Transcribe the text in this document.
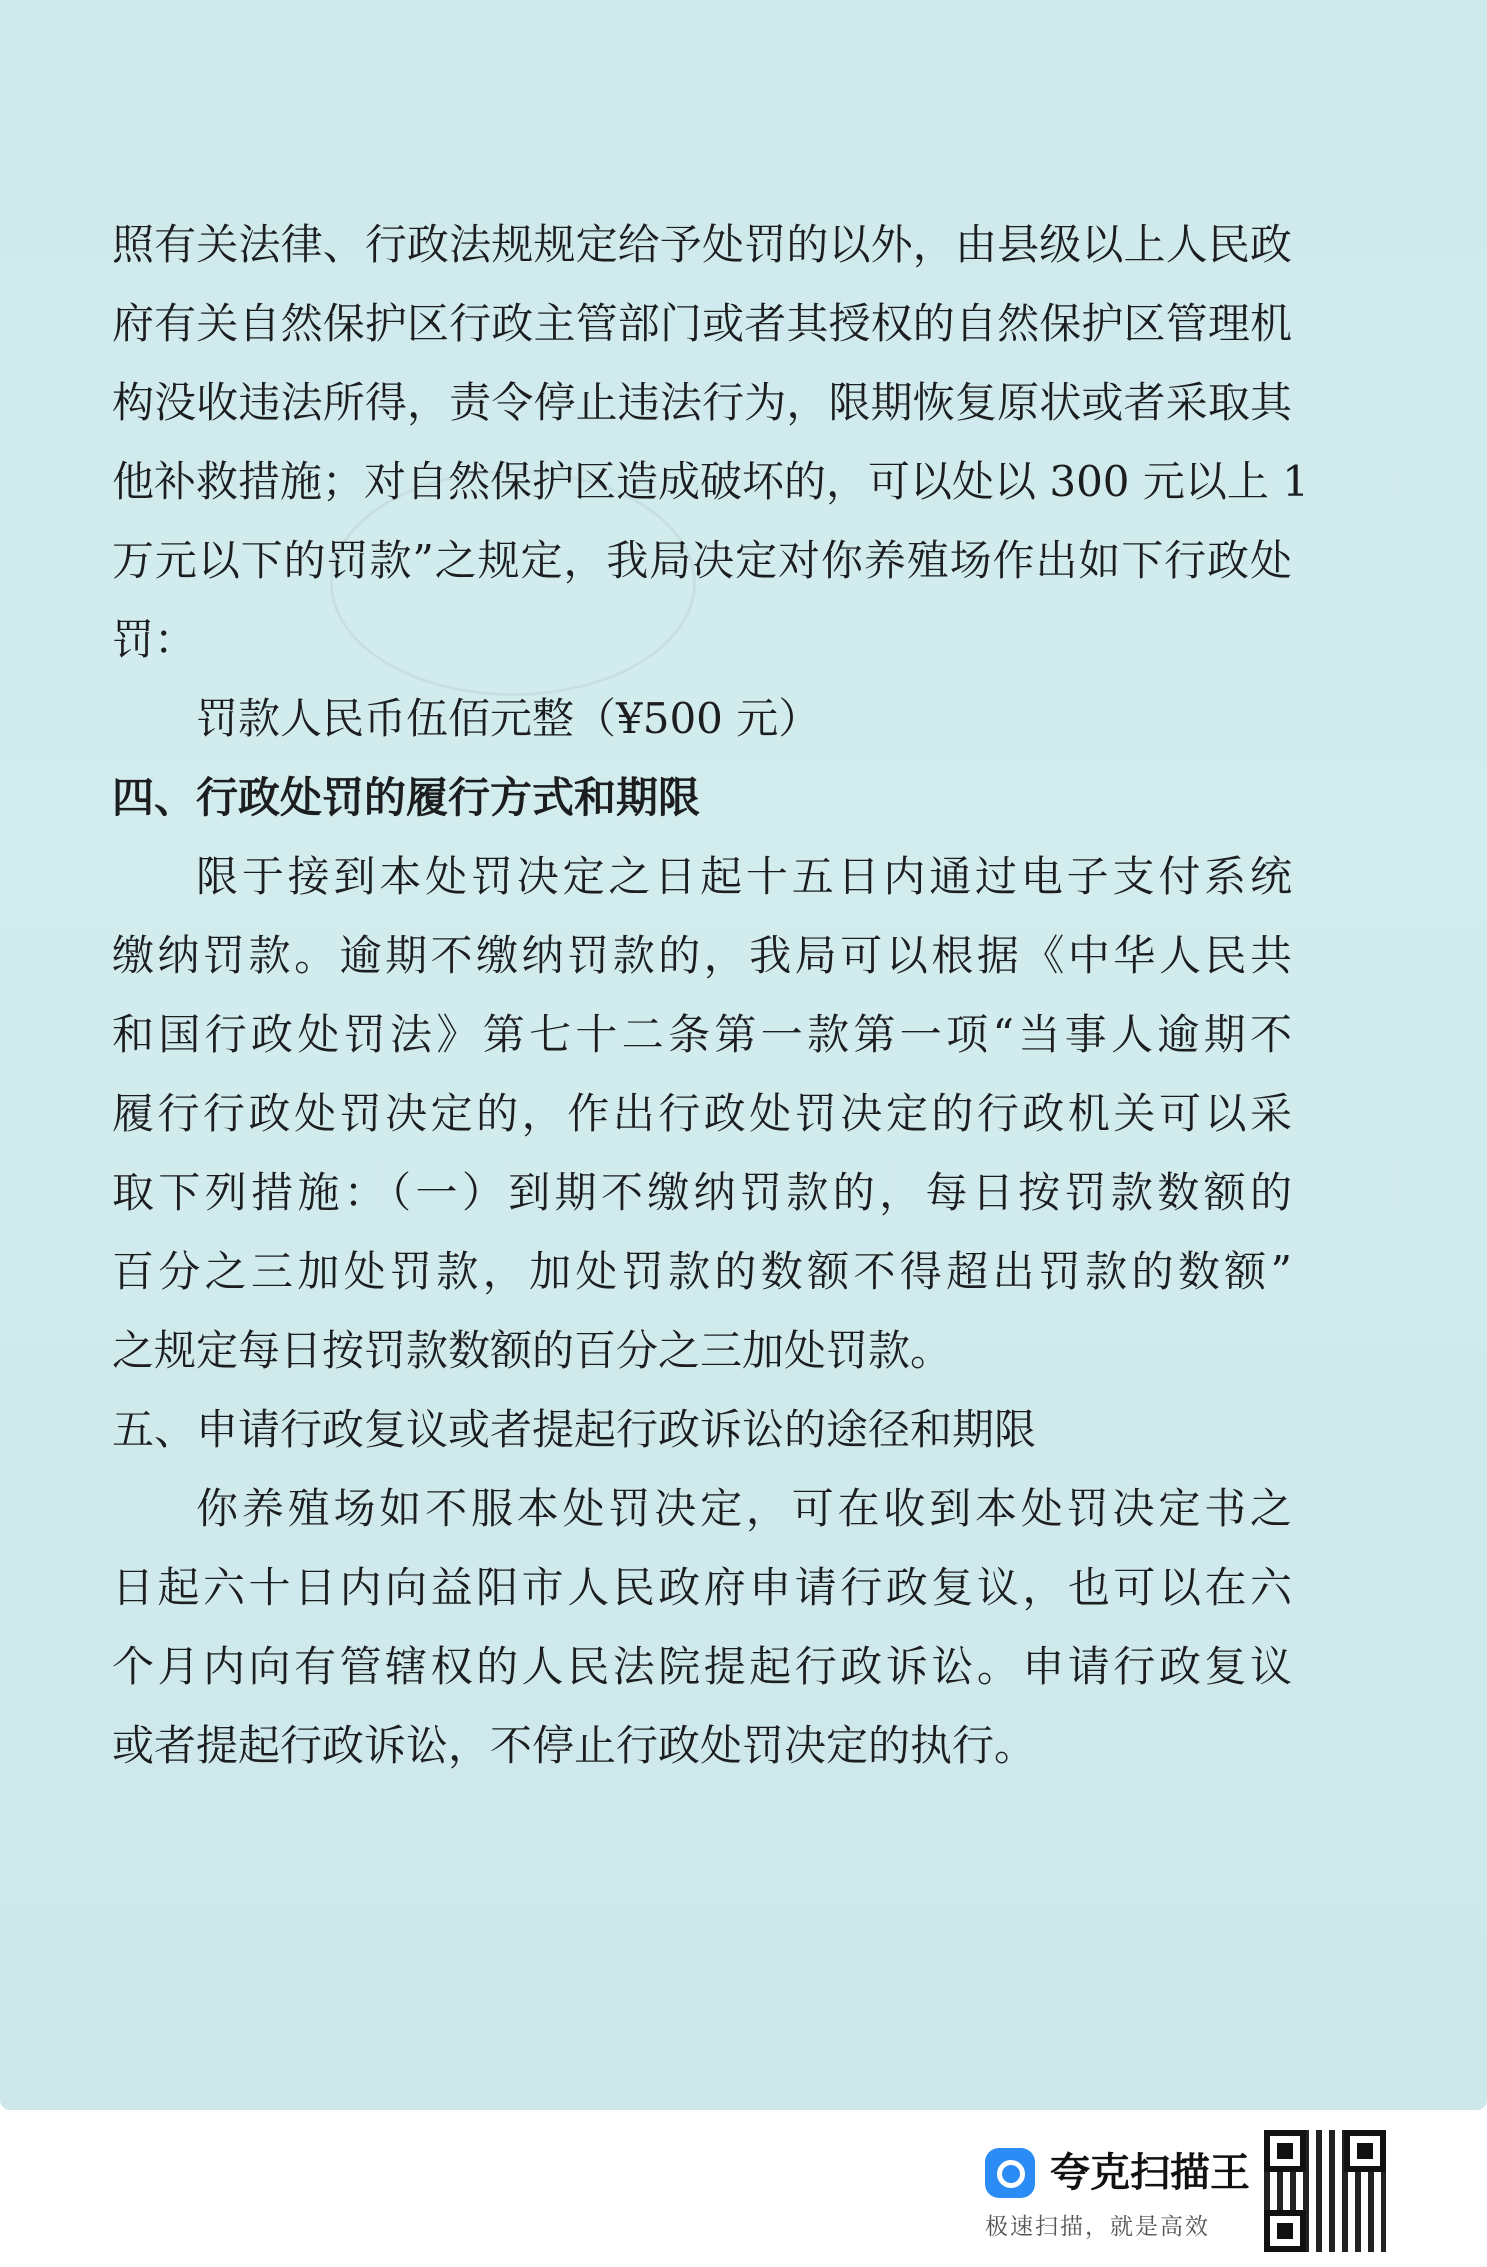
照有关法律、行政法规规定给予处罚的以外，由县级以上人民政
府有关自然保护区行政主管部门或者其授权的自然保护区管理机
构没收违法所得，责令停止违法行为，限期恢复原状或者采取其
他补救措施；对自然保护区造成破坏的，可以处以 300 元以上 1
万元以下的罚款”之规定，我局决定对你养殖场作出如下行政处
罚：
罚款人民币伍佰元整（¥500 元）
四、行政处罚的履行方式和期限
限于接到本处罚决定之日起十五日内通过电子支付系统
缴纳罚款。逾期不缴纳罚款的，我局可以根据《中华人民共
和国行政处罚法》第七十二条第一款第一项“当事人逾期不
履行行政处罚决定的，作出行政处罚决定的行政机关可以采
取下列措施：（一）到期不缴纳罚款的，每日按罚款数额的
百分之三加处罚款，加处罚款的数额不得超出罚款的数额”
之规定每日按罚款数额的百分之三加处罚款。
五、申请行政复议或者提起行政诉讼的途径和期限
你养殖场如不服本处罚决定，可在收到本处罚决定书之
日起六十日内向益阳市人民政府申请行政复议，也可以在六
个月内向有管辖权的人民法院提起行政诉讼。申请行政复议
或者提起行政诉讼，不停止行政处罚决定的执行。
夸克扫描王
极速扫描，就是高效
